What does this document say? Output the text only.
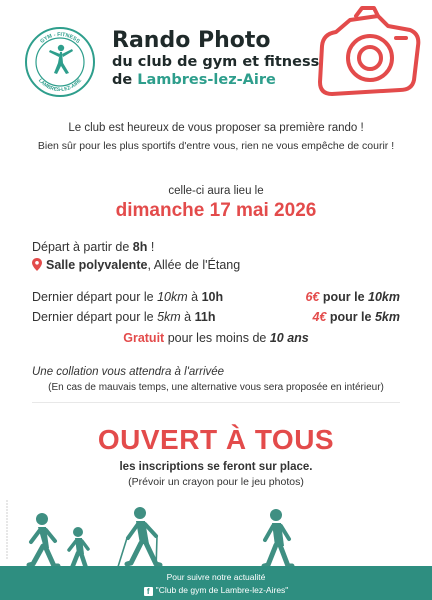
GYM - FITNESS
LAMBRES-LEZ-AIRE
Rando Photo
du club de gym et fitness
de Lambres-lez-Aire
Le club est heureux de vous proposer sa première rando !
Bien sûr pour les plus sportifs d'entre vous, rien ne vous empêche de courir !
celle-ci aura lieu le
dimanche 17 mai 2026
Départ à partir de 8h !
Salle polyvalente, Allée de l'Étang
Dernier départ pour le 10km à 10h
Dernier départ pour le 5km à 11h
6€ pour le 10km
4€ pour le 5km
Gratuit pour les moins de 10 ans
Une collation vous attendra à l'arrivée
(En cas de mauvais temps, une alternative vous sera proposée en intérieur)
OUVERT À TOUS
les inscriptions se feront sur place.
(Prévoir un crayon pour le jeu photos)
Pour suivre notre actualité
f "Club de gym de Lambre-lez-Aires"
